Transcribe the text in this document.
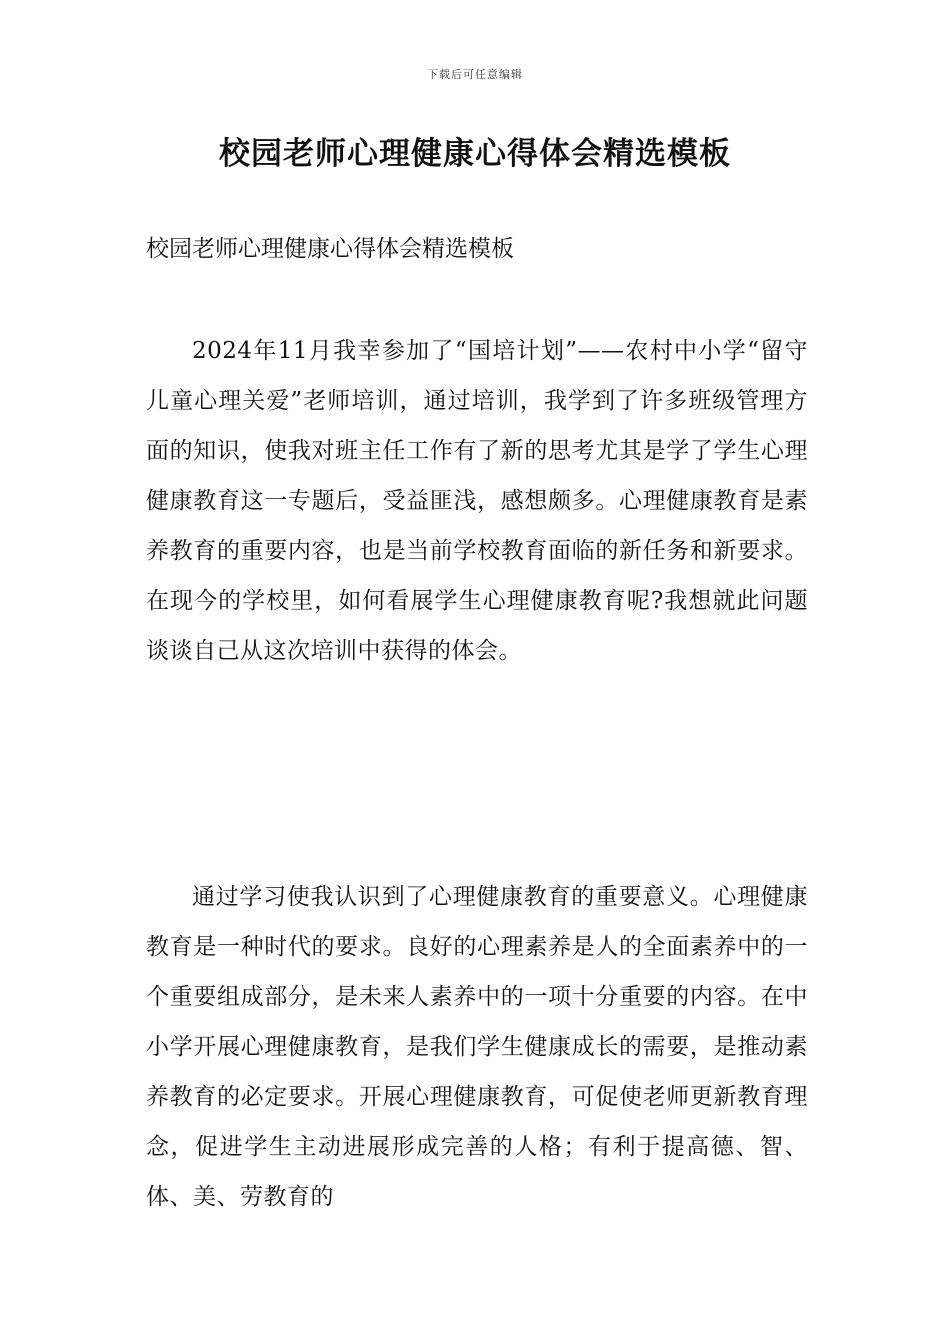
下载后可任意编辑
校园老师心理健康心得体会精选模板

校园老师心理健康心得体会精选模板

2024年11月我幸参加了“国培计划”——农村中小学“留守儿童心理关爱”老师培训，通过培训，我学到了许多班级管理方面的知识，使我对班主任工作有了新的思考尤其是学了学生心理健康教育这一专题后，受益匪浅，感想颇多。心理健康教育是素养教育的重要内容，也是当前学校教育面临的新任务和新要求。在现今的学校里，如何看展学生心理健康教育呢?我想就此问题谈谈自己从这次培训中获得的体会。

通过学习使我认识到了心理健康教育的重要意义。心理健康教育是一种时代的要求。良好的心理素养是人的全面素养中的一个重要组成部分，是未来人素养中的一项十分重要的内容。在中小学开展心理健康教育，是我们学生健康成长的需要，是推动素养教育的必定要求。开展心理健康教育，可促使老师更新教育理念，促进学生主动进展形成完善的人格；有利于提高德、智、体、美、劳教育的
